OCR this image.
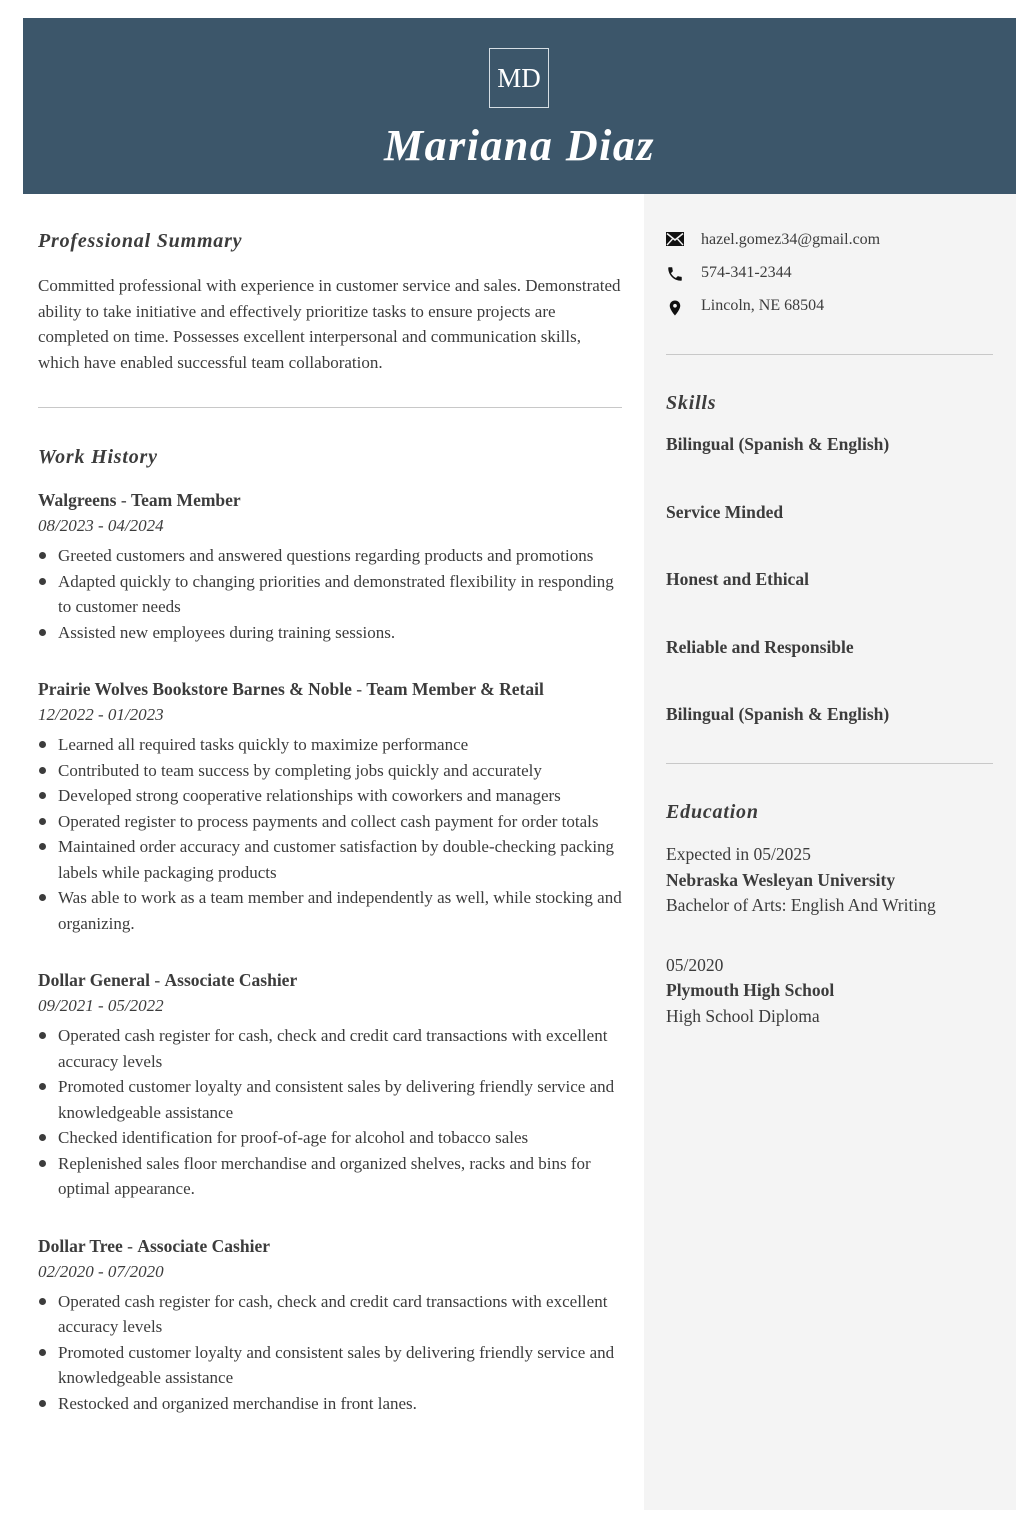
MD
Mariana Diaz
Professional Summary
Committed professional with experience in customer service and sales. Demonstrated ability to take initiative and effectively prioritize tasks to ensure projects are completed on time. Possesses excellent interpersonal and communication skills, which have enabled successful team collaboration.
Work History
Walgreens - Team Member
08/2023 - 04/2024
Greeted customers and answered questions regarding products and promotions
Adapted quickly to changing priorities and demonstrated flexibility in responding to customer needs
Assisted new employees during training sessions.
Prairie Wolves Bookstore Barnes & Noble - Team Member & Retail
12/2022 - 01/2023
Learned all required tasks quickly to maximize performance
Contributed to team success by completing jobs quickly and accurately
Developed strong cooperative relationships with coworkers and managers
Operated register to process payments and collect cash payment for order totals
Maintained order accuracy and customer satisfaction by double-checking packing labels while packaging products
Was able to work as a team member and independently as well, while stocking and organizing.
Dollar General - Associate Cashier
09/2021 - 05/2022
Operated cash register for cash, check and credit card transactions with excellent accuracy levels
Promoted customer loyalty and consistent sales by delivering friendly service and knowledgeable assistance
Checked identification for proof-of-age for alcohol and tobacco sales
Replenished sales floor merchandise and organized shelves, racks and bins for optimal appearance.
Dollar Tree - Associate Cashier
02/2020 - 07/2020
Operated cash register for cash, check and credit card transactions with excellent accuracy levels
Promoted customer loyalty and consistent sales by delivering friendly service and knowledgeable assistance
Restocked and organized merchandise in front lanes.
hazel.gomez34@gmail.com
574-341-2344
Lincoln, NE 68504
Skills
Bilingual (Spanish & English)
Service Minded
Honest and Ethical
Reliable and Responsible
Bilingual (Spanish & English)
Education
Expected in 05/2025
Nebraska Wesleyan University
Bachelor of Arts: English And Writing
05/2020
Plymouth High School
High School Diploma
